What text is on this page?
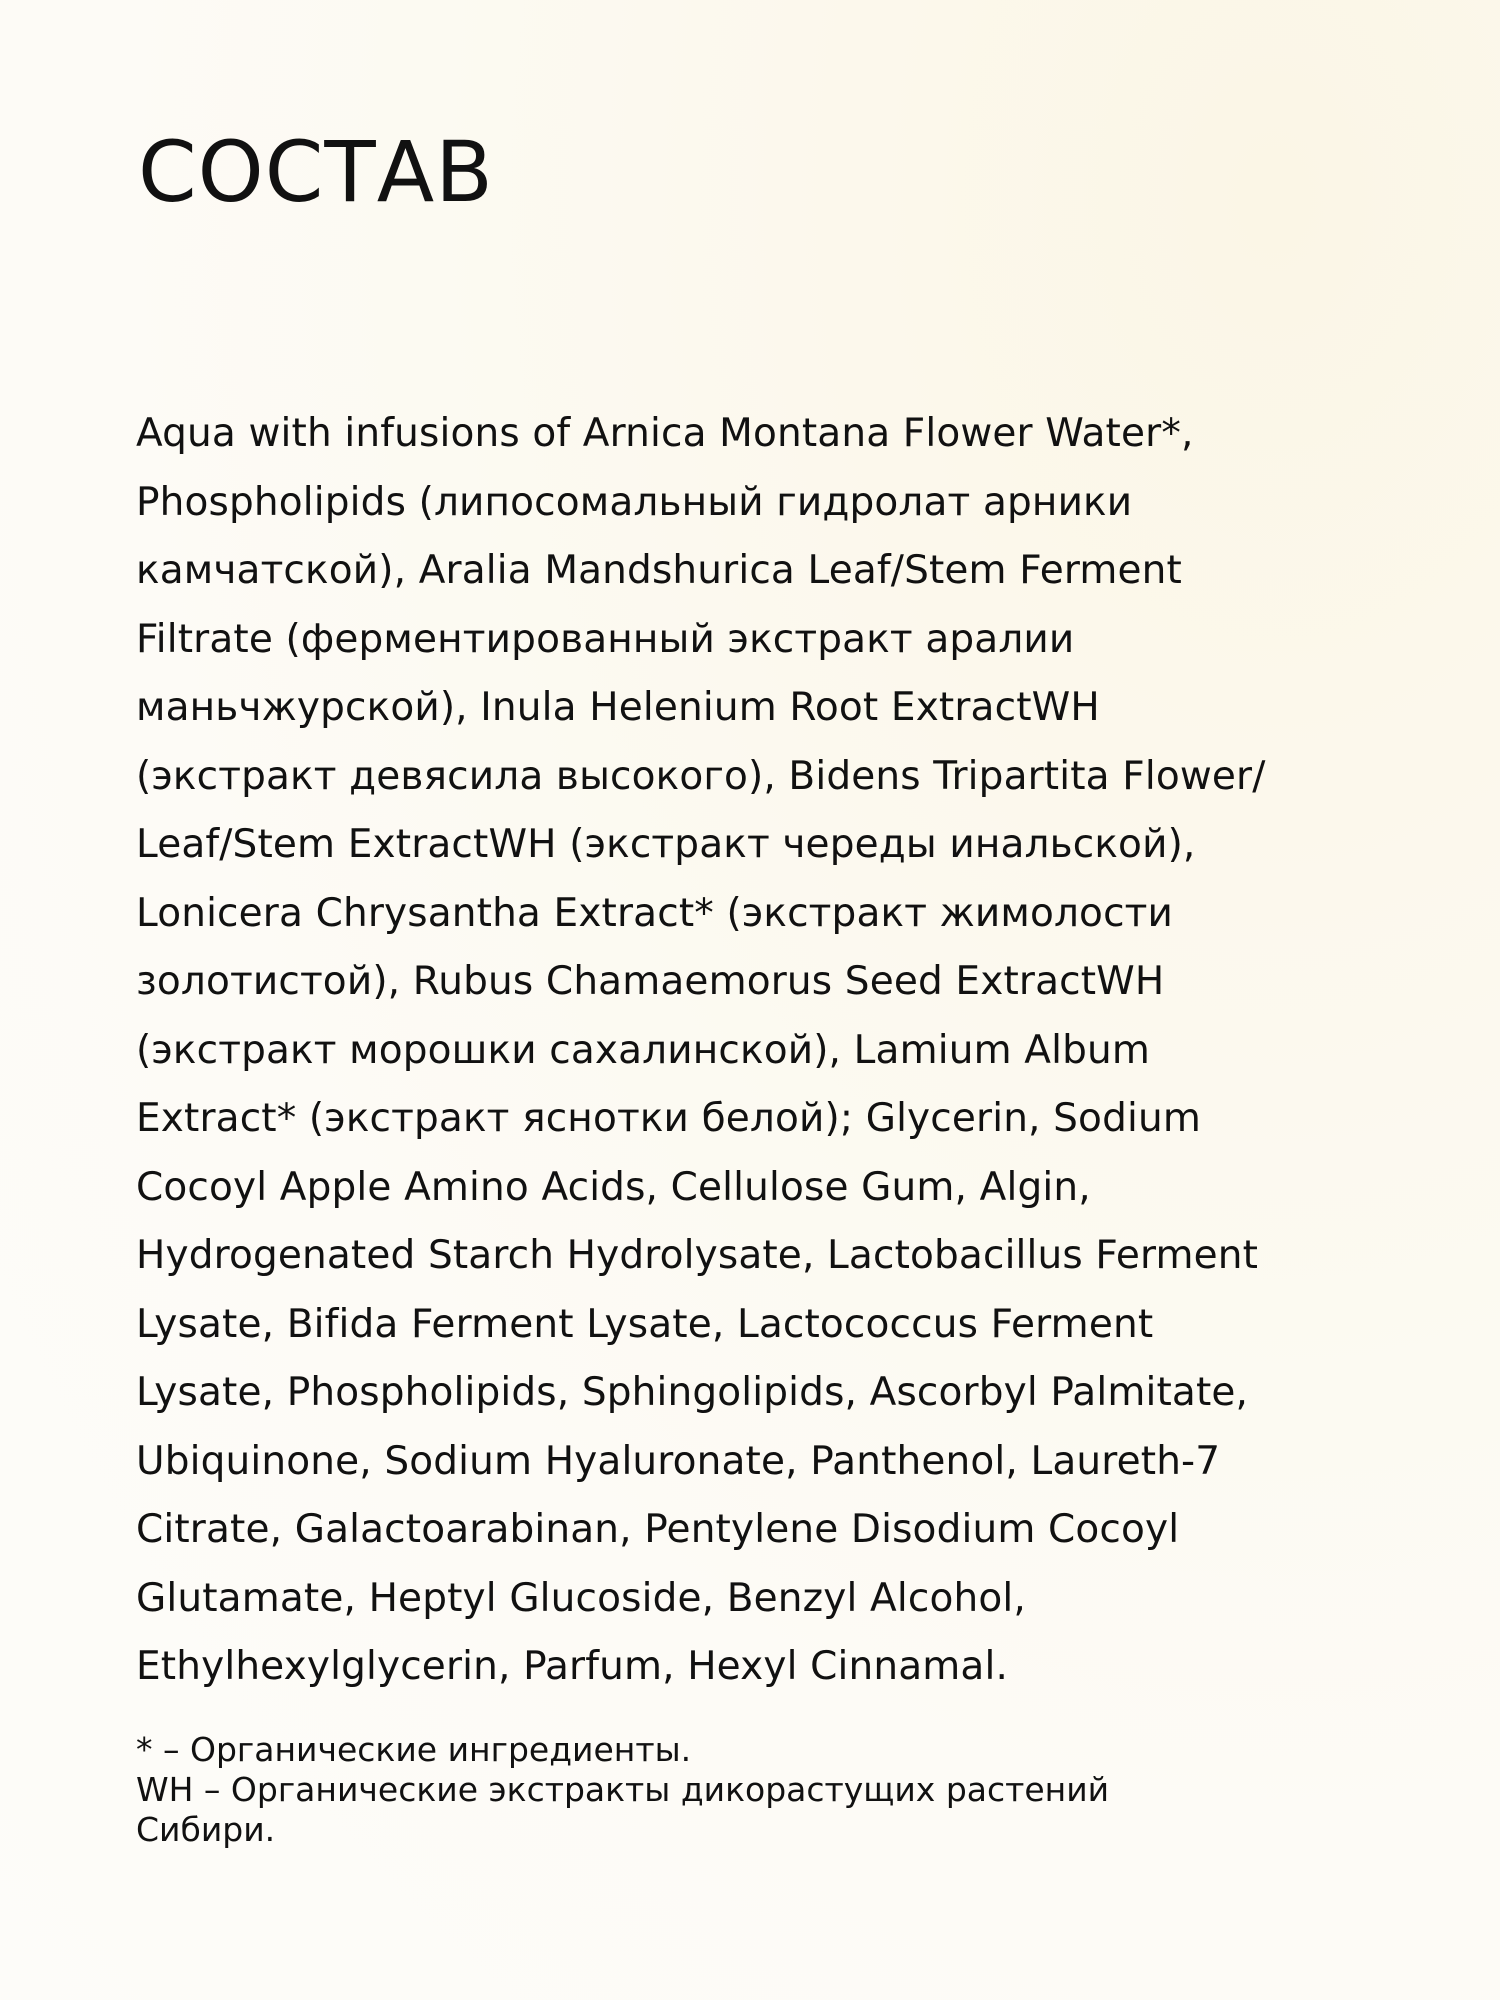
СОСТАВ
Aqua with infusions of Arnica Montana Flower Water*,
Phospholipids (липосомальный гидролат арники
камчатской), Aralia Mandshurica Leaf/Stem Ferment
Filtrate (ферментированный экстракт аралии
маньчжурской), Inula Helenium Root ExtractWH
(экстракт девясила высокого), Bidens Tripartita Flower/
Leaf/Stem ExtractWH (экстракт череды инальской),
Lonicera Chrysantha Extract* (экстракт жимолости
золотистой), Rubus Chamaemorus Seed ExtractWH
(экстракт морошки сахалинской), Lamium Album
Extract* (экстракт яснотки белой); Glycerin, Sodium
Cocoyl Apple Amino Acids, Cellulose Gum, Algin,
Hydrogenated Starch Hydrolysate, Lactobacillus Ferment
Lysate, Bifida Ferment Lysate, Lactococcus Ferment
Lysate, Phospholipids, Sphingolipids, Ascorbyl Palmitate,
Ubiquinone, Sodium Hyaluronate, Panthenol, Laureth-7
Citrate, Galactoarabinan, Pentylene Disodium Cocoyl
Glutamate, Heptyl Glucoside, Benzyl Alcohol,
Ethylhexylglycerin, Parfum, Hexyl Cinnamal.
* – Органические ингредиенты.
WH – Органические экстракты дикорастущих растений
Сибири.
